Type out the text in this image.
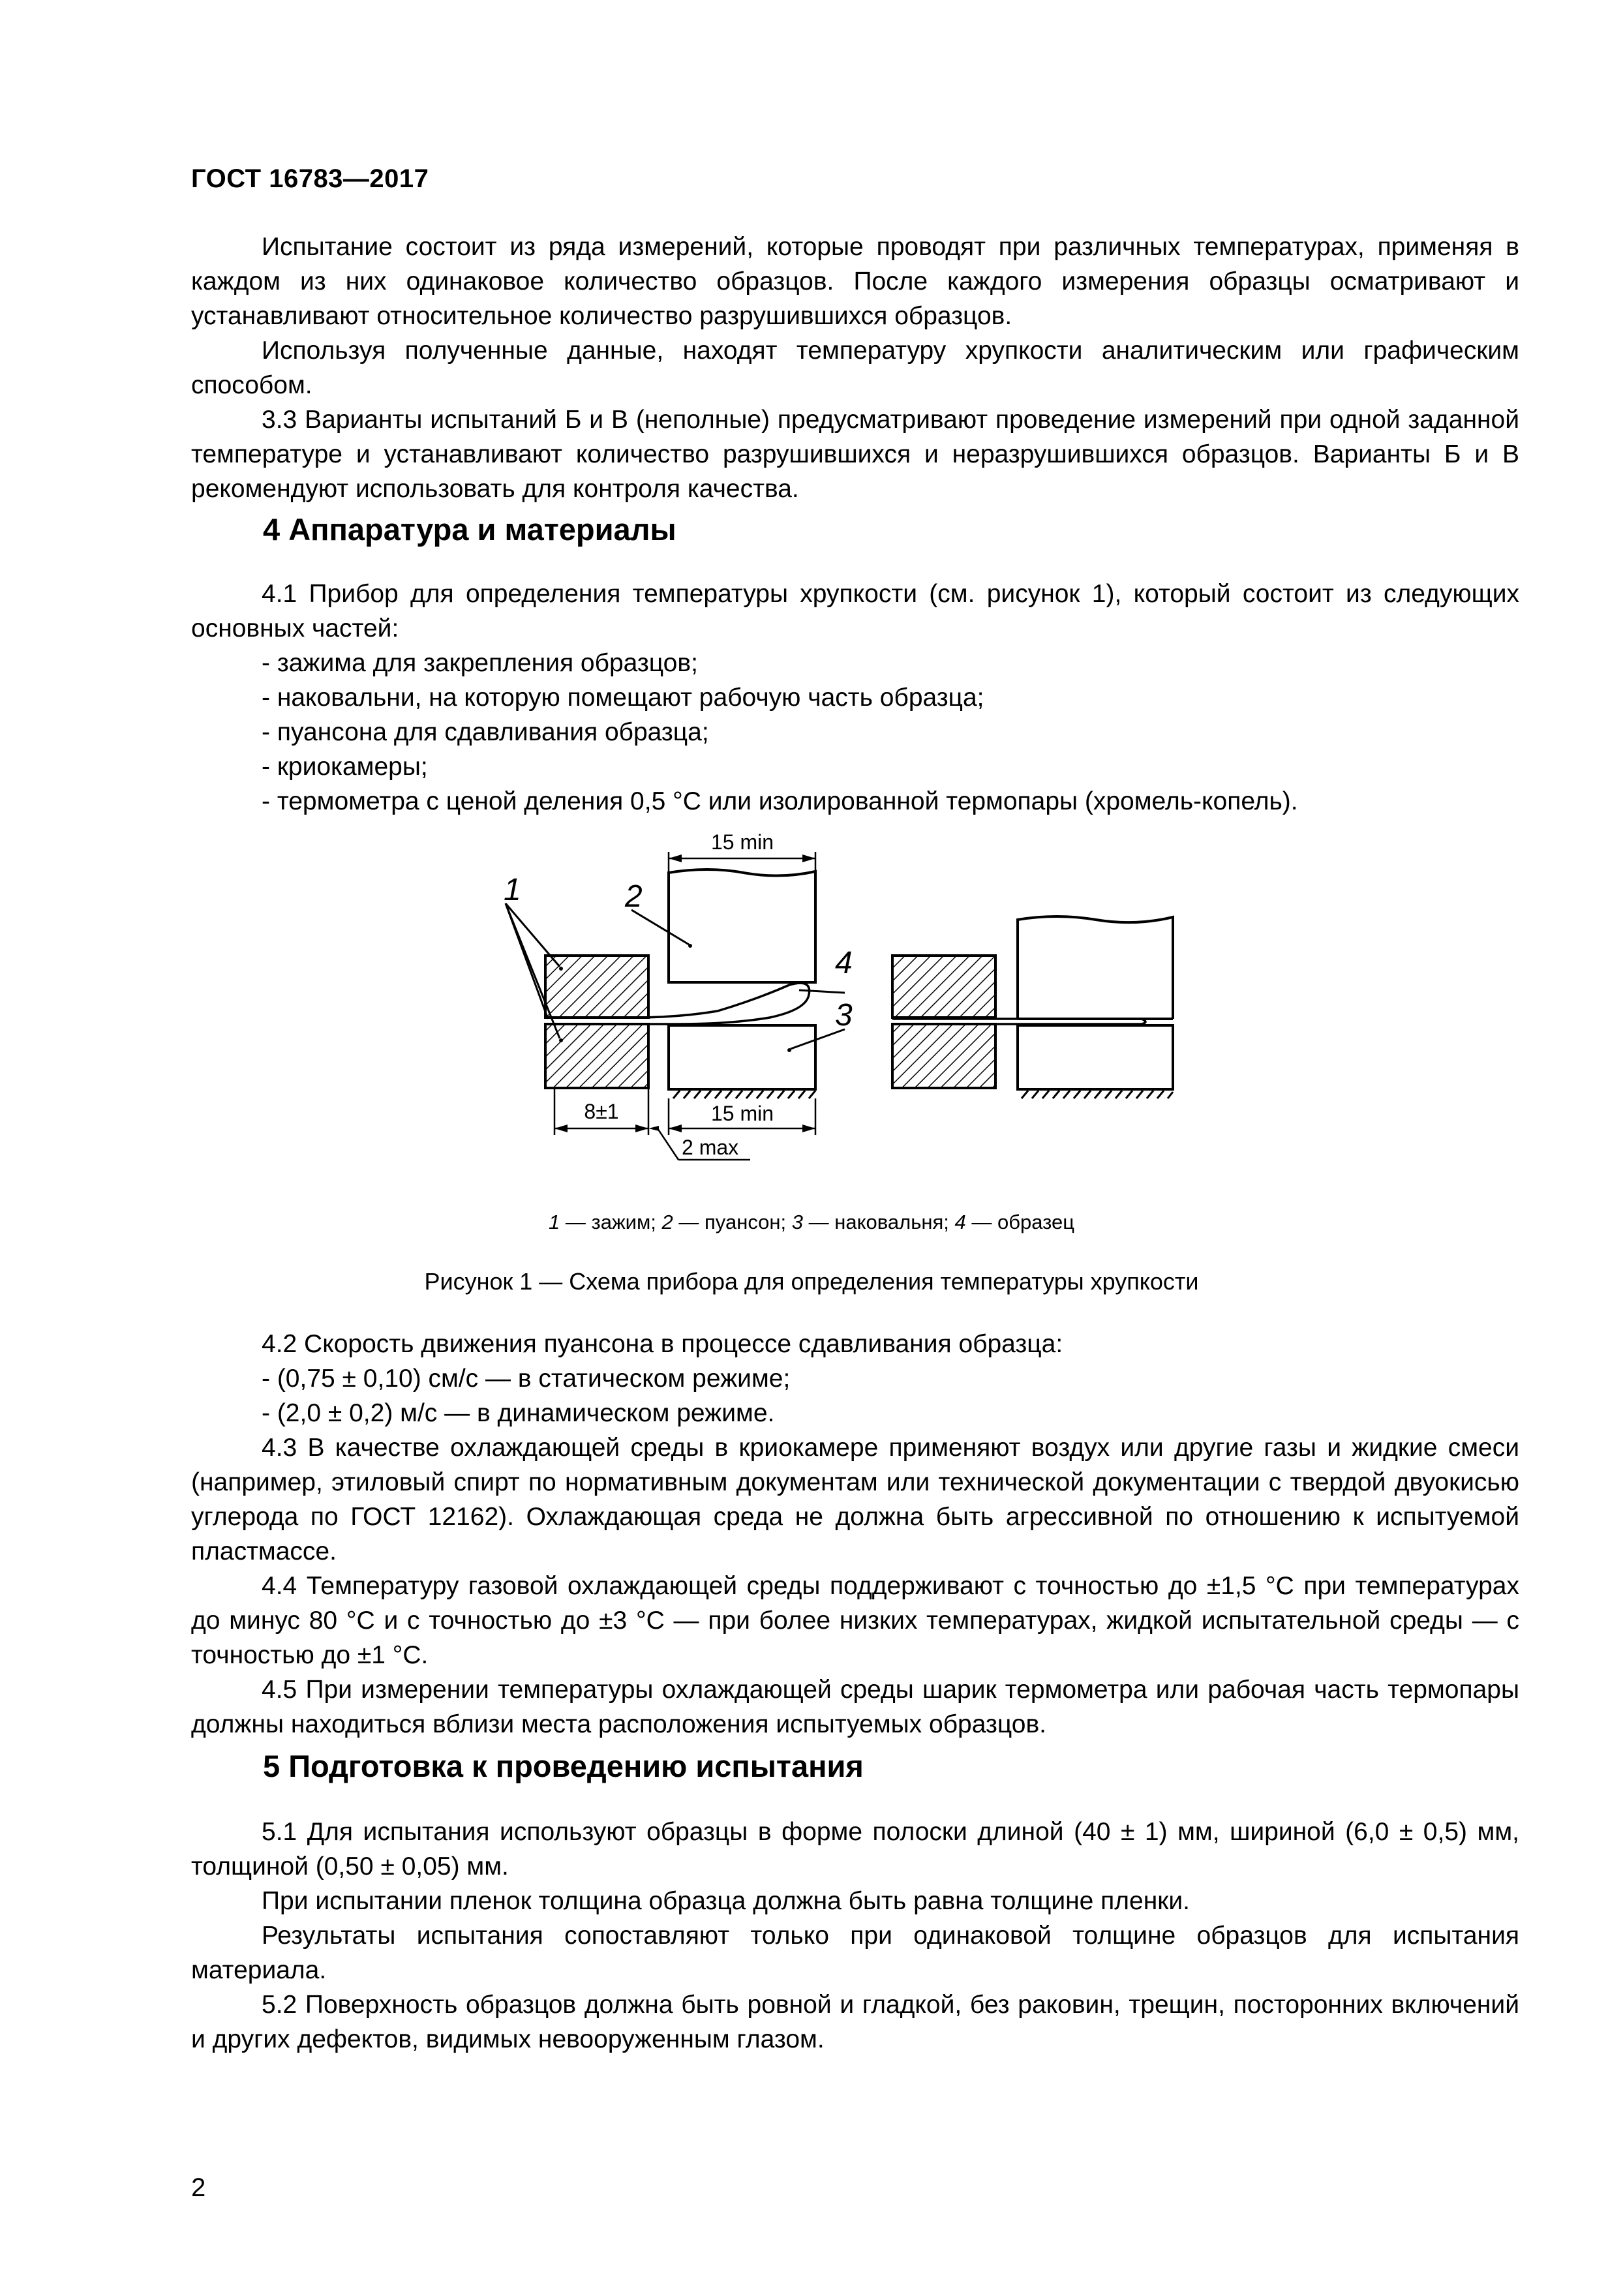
ГОСТ 16783—2017

Испытание состоит из ряда измерений, которые проводят при различных температурах, применяя в каждом из них одинаковое количество образцов. После каждого измерения образцы осматривают и устанавливают относительное количество разрушившихся образцов.

Используя полученные данные, находят температуру хрупкости аналитическим или графическим способом.

3.3 Варианты испытаний Б и В (неполные) предусматривают проведение измерений при одной заданной температуре и устанавливают количество разрушившихся и неразрушившихся образцов. Варианты Б и В рекомендуют использовать для контроля качества.

4 Аппаратура и материалы

4.1 Прибор для определения температуры хрупкости (см. рисунок 1), который состоит из следующих основных частей:

- зажима для закрепления образцов;

- наковальни, на которую помещают рабочую часть образца;

- пуансона для сдавливания образца;

- криокамеры;

- термометра с ценой деления 0,5 °С или изолированной термопары (хромель-копель).

1	2
4
3
15 min
8±1	15 min
2 max
1 — зажим; 2 — пуансон; 3 — наковальня; 4 — образец
Рисунок 1 — Схема прибора для определения температуры хрупкости

4.2 Скорость движения пуансона в процессе сдавливания образца:

- (0,75 ± 0,10) см/с — в статическом режиме;

- (2,0 ± 0,2) м/с — в динамическом режиме.

4.3 В качестве охлаждающей среды в криокамере применяют воздух или другие газы и жидкие смеси (например, этиловый спирт по нормативным документам или технической документации с твердой двуокисью углерода по ГОСТ 12162). Охлаждающая среда не должна быть агрессивной по отношению к испытуемой пластмассе.

4.4 Температуру газовой охлаждающей среды поддерживают с точностью до ±1,5 °С при температурах до минус 80 °С и с точностью до ±3 °С — при более низких температурах, жидкой испытательной среды — с точностью до ±1 °С.

4.5 При измерении температуры охлаждающей среды шарик термометра или рабочая часть термопары должны находиться вблизи места расположения испытуемых образцов.

5 Подготовка к проведению испытания

5.1 Для испытания используют образцы в форме полоски длиной (40 ± 1) мм, шириной (6,0 ± 0,5) мм, толщиной (0,50 ± 0,05) мм.

При испытании пленок толщина образца должна быть равна толщине пленки.

Результаты испытания сопоставляют только при одинаковой толщине образцов для испытания материала.

5.2 Поверхность образцов должна быть ровной и гладкой, без раковин, трещин, посторонних включений и других дефектов, видимых невооруженным глазом.

2
